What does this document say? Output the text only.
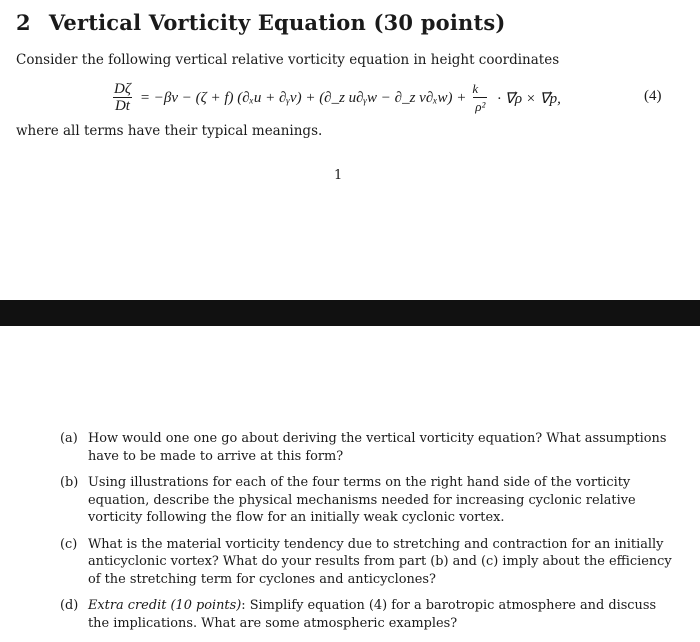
2 Vertical Vorticity Equation (30 points)
Consider the following vertical relative vorticity equation in height coordinates
$\frac{D\zeta}{Dt} = -\beta v - (\zeta + f) (\partial_xu$ + ∂ᵧv) + (∂_z u∂ᵧw − ∂_z $v\partial_xw) + \frac{k⃗}{\text{ρ²}}$ · ∇⃗ρ × ∇⃗p,	(4)
where all terms have their typical meanings.
1
(a) How would one one go about deriving the vertical vorticity equation? What assumptions have to be made to arrive at this form?
(b) Using illustrations for each of the four terms on the right hand side of the vorticity equation, describe the physical mechanisms needed for increasing cyclonic relative vorticity following the flow for an initially weak cyclonic vortex.
(c) What is the material vorticity tendency due to stretching and contraction for an initially anticyclonic vortex? What do your results from part (b) and (c) imply about the efficiency of the stretching term for cyclones and anticyclones?
(d) Extra credit (10 points): Simplify equation (4) for a barotropic atmosphere and discuss the implications. What are some atmospheric examples?
